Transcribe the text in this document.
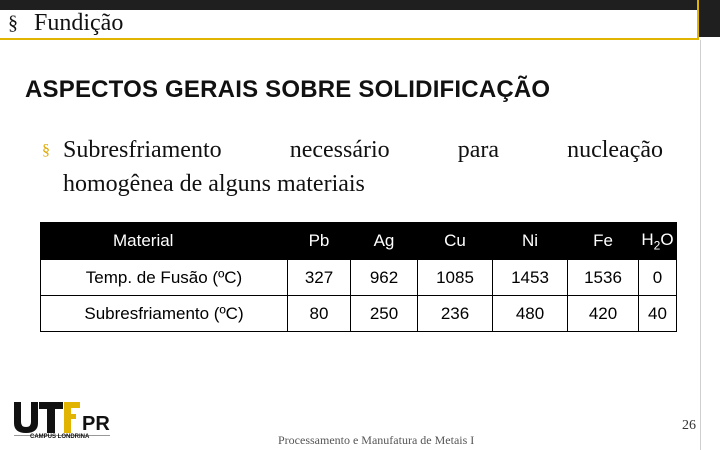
§ Fundição
ASPECTOS GERAIS SOBRE SOLIDIFICAÇÃO
§ Subresfriamento	necessário	para	nucleação
homogênea de alguns materiais
Material	Pb	Ag	Cu	Ni	Fe	$H_2O$
Temp. de Fusão (ºC)	327	962	1085	1453	1536	0
Subresfriamento (ºC)	80	250	236	480	420	40
PR
CAMPUS LONDRINA	Processamento e Manufatura de Metais I
26
